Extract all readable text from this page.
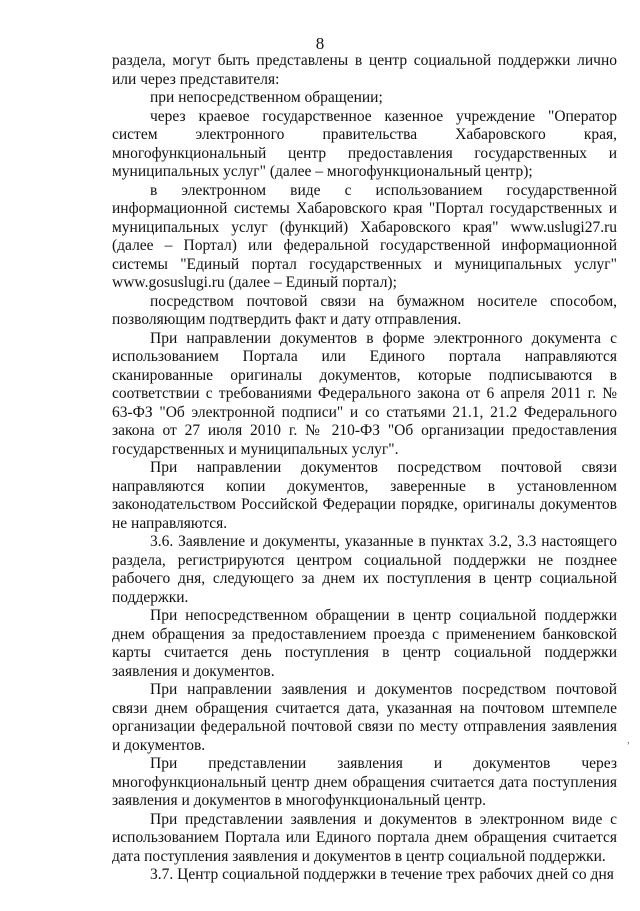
8

раздела, могут быть представлены в центр социальной поддержки лично или через представителя:

при непосредственном обращении;

через краевое государственное казенное учреждение "Оператор систем электронного правительства Хабаровского края, многофункциональный центр предоставления государственных и муниципальных услуг" (далее – многофункциональный центр);

в электронном виде с использованием государственной информационной системы Хабаровского края "Портал государственных и муниципальных услуг (функций) Хабаровского края" www.uslugi27.ru (далее – Портал) или федеральной государственной информационной системы "Единый портал государственных и муниципальных услуг" www.gosuslugi.ru (далее – Единый портал);

посредством почтовой связи на бумажном носителе способом, позволяющим подтвердить факт и дату отправления.

При направлении документов в форме электронного документа с использованием Портала или Единого портала направляются сканированные оригиналы документов, которые подписываются в соответствии с требованиями Федерального закона от 6 апреля 2011 г. № 63-ФЗ "Об электронной подписи" и со статьями 21.1, 21.2 Федерального закона от 27 июля 2010 г. № 210-ФЗ "Об организации предоставления государственных и муниципальных услуг".

При направлении документов посредством почтовой связи направляются копии документов, заверенные в установленном законодательством Российской Федерации порядке, оригиналы документов не направляются.

3.6. Заявление и документы, указанные в пунктах 3.2, 3.3 настоящего раздела, регистрируются центром социальной поддержки не позднее рабочего дня, следующего за днем их поступления в центр социальной поддержки.

При непосредственном обращении в центр социальной поддержки днем обращения за предоставлением проезда с применением банковской карты считается день поступления в центр социальной поддержки заявления и документов.

При направлении заявления и документов посредством почтовой связи днем обращения считается дата, указанная на почтовом штемпеле организации федеральной почтовой связи по месту отправления заявления и документов.

При представлении заявления и документов через многофункциональный центр днем обращения считается дата поступления заявления и документов в многофункциональный центр.

При представлении заявления и документов в электронном виде с использованием Портала или Единого портала днем обращения считается дата поступления заявления и документов в центр социальной поддержки.

3.7. Центр социальной поддержки в течение трех рабочих дней со дня

‚
